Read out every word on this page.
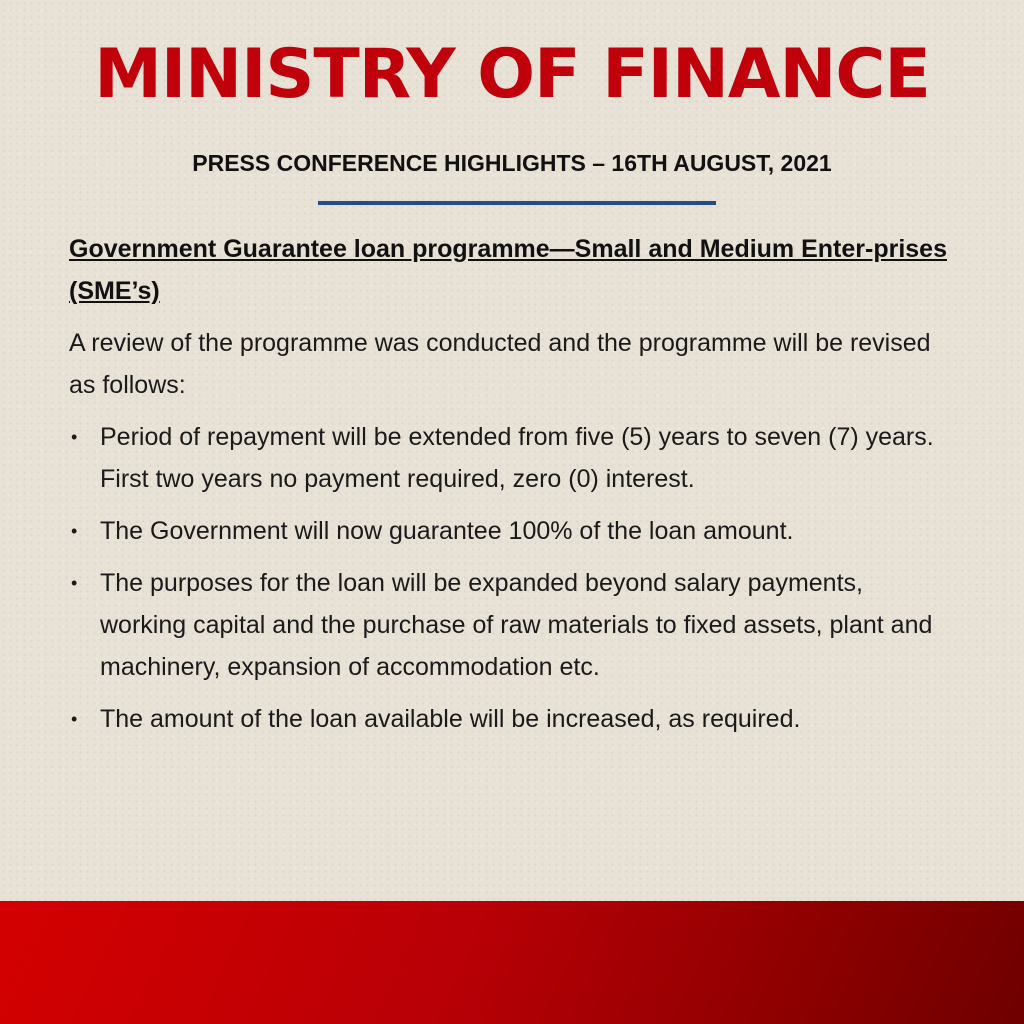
MINISTRY OF FINANCE
PRESS CONFERENCE HIGHLIGHTS – 16TH AUGUST, 2021

Government Guarantee loan programme—Small and Medium Enter-prises (SME’s)

A review of the programme was conducted and the programme will be revised as follows:

• Period of repayment will be extended from five (5) years to seven (7) years. First two years no payment required, zero (0) interest.
• The Government will now guarantee 100% of the loan amount.
• The purposes for the loan will be expanded beyond salary payments, working capital and the purchase of raw materials to fixed assets, plant and machinery, expansion of accommodation etc.
• The amount of the loan available will be increased, as required.
